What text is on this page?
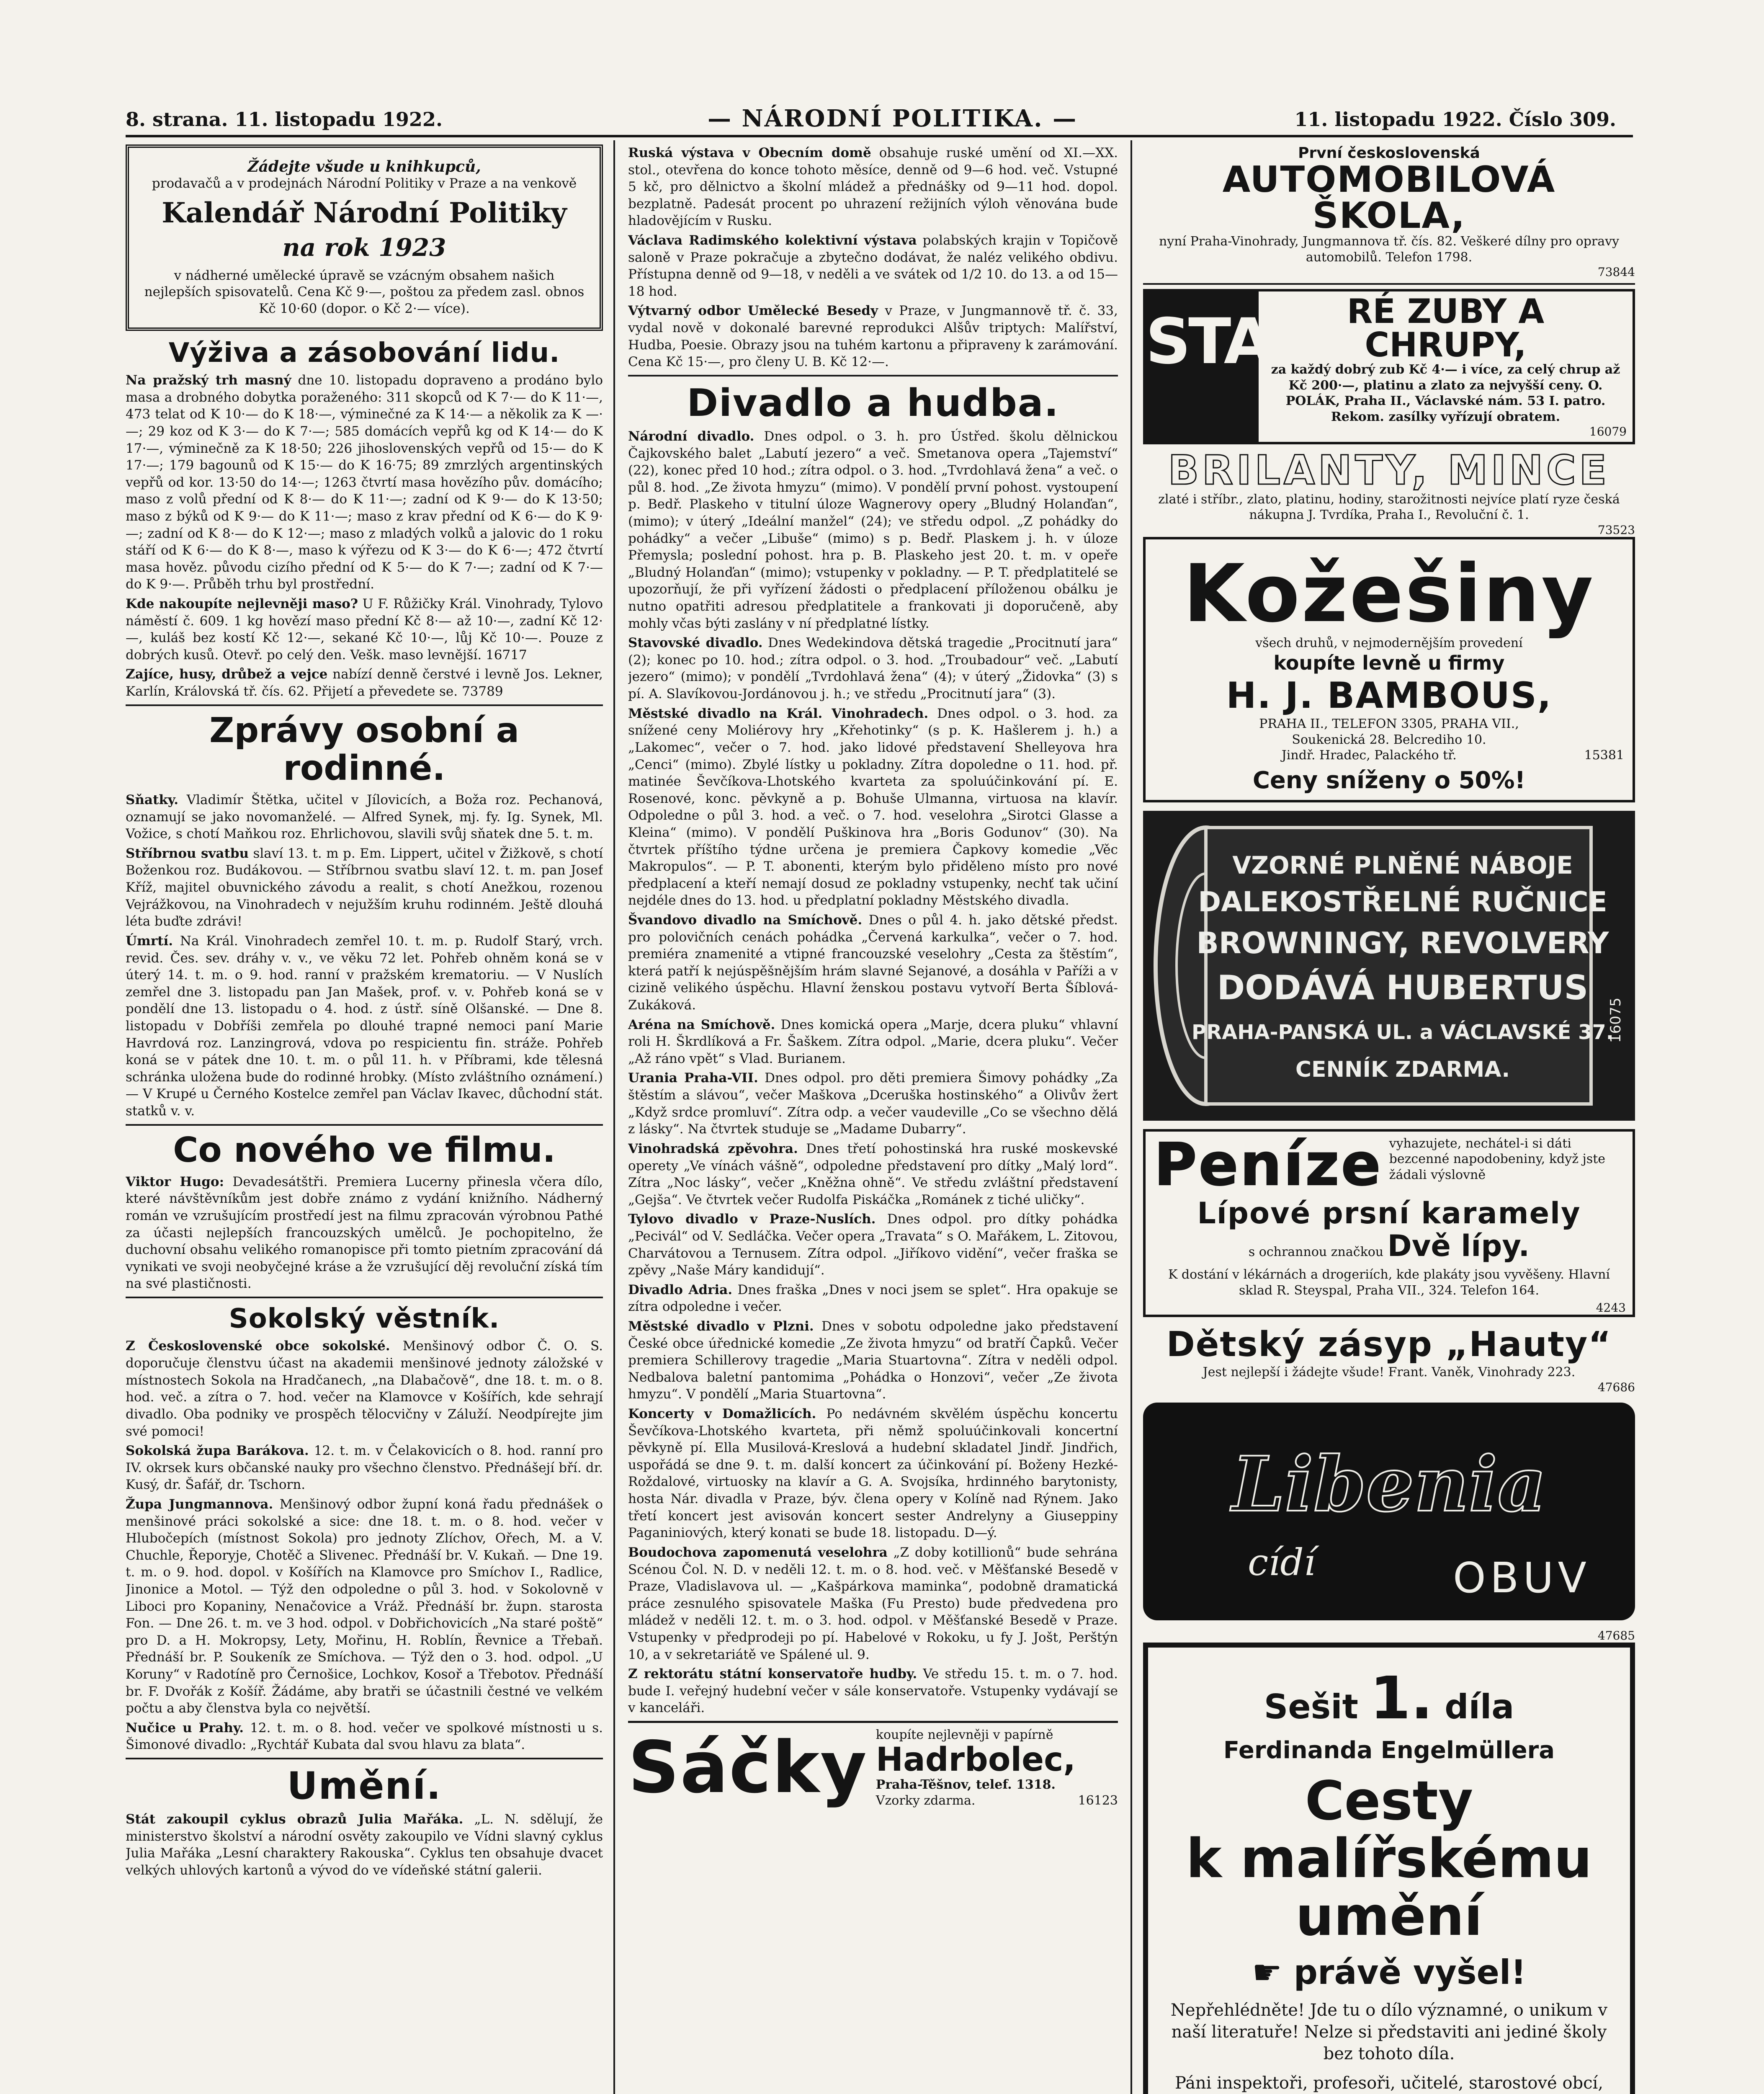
8. strana. 11. listopadu 1922.	— NÁRODNÍ POLITIKA. —	11. listopadu 1922. Číslo 309.
Žádejte všude u knihkupců,
prodavačů a v prodejnách Národní Politiky v Praze a na venkově
Kalendář Národní Politiky
na rok 1923
v nádherné umělecké úpravě se vzácným obsahem našich nejlepších spisovatelů. Cena Kč 9·—, poštou za předem zasl. obnos Kč 10·60 (dopor. o Kč 2·— více).
Výživa a zásobování lidu.

Na pražský trh masný dne 10. listopadu dopraveno a prodáno bylo masa a drobného dobytka poraženého: 311 skopců od K 7·— do K 11·—, 473 telat od K 10·— do K 18·—, výminečné za K 14·— a několik za K —·—; 29 koz od K 3·— do K 7·—; 585 domácích vepřů kg od K 14·— do K 17·—, výminečně za K 18·50; 226 jihoslovenských vepřů od 15·— do K 17·—; 179 bagounů od K 15·— do K 16·75; 89 zmrzlých argentinských vepřů od kor. 13·50 do 14·—; 1263 čtvrtí masa hovězího pův. domácího; maso z volů přední od K 8·— do K 11·—; zadní od K 9·— do K 13·50; maso z býků od K 9·— do K 11·—; maso z krav přední od K 6·— do K 9·—; zadní od K 8·— do K 12·—; maso z mladých volků a jalovic do 1 roku stáří od K 6·— do K 8·—, maso k výřezu od K 3·— do K 6·—; 472 čtvrtí masa hověz. původu cizího přední od K 5·— do K 7·—; zadní od K 7·— do K 9·—. Průběh trhu byl prostřední.

Kde nakoupíte nejlevněji maso? U F. Růžičky Král. Vinohrady, Tylovo náměstí č. 609. 1 kg hovězí maso přední Kč 8·— až 10·—, zadní Kč 12·—, kuláš bez kostí Kč 12·—, sekané Kč 10·—, lůj Kč 10·—. Pouze z dobrých kusů. Otevř. po celý den. Vešk. maso levnější. 16717

Zajíce, husy, drůbež a vejce nabízí denně čerstvé i levně Jos. Lekner, Karlín, Královská tř. čís. 62. Přijetí a převedete se. 73789

Zprávy osobní a rodinné.

Sňatky. Vladimír Štětka, učitel v Jílovicích, a Boža roz. Pechanová, oznamují se jako novomanželé. — Alfred Synek, mj. fy. Ig. Synek, Ml. Vožice, s chotí Maňkou roz. Ehrlichovou, slavili svůj sňatek dne 5. t. m.

Stříbrnou svatbu slaví 13. t. m p. Em. Lippert, učitel v Žižkově, s chotí Boženkou roz. Budákovou. — Stříbrnou svatbu slaví 12. t. m. pan Josef Kříž, majitel obuvnického závodu a realit, s chotí Anežkou, rozenou Vejrážkovou, na Vinohradech v nejužším kruhu rodinném. Ještě dlouhá léta buďte zdrávi!

Úmrtí. Na Král. Vinohradech zemřel 10. t. m. p. Rudolf Starý, vrch. revid. Čes. sev. dráhy v. v., ve věku 72 let. Pohřeb ohněm koná se v úterý 14. t. m. o 9. hod. ranní v pražském krematoriu. — V Nuslích zemřel dne 3. listopadu pan Jan Mašek, prof. v. v. Pohřeb koná se v pondělí dne 13. listopadu o 4. hod. z ústř. síně Olšanské. — Dne 8. listopadu v Dobříši zemřela po dlouhé trapné nemoci paní Marie Havrdová roz. Lanzingrová, vdova po respicientu fin. stráže. Pohřeb koná se v pátek dne 10. t. m. o půl 11. h. v Příbrami, kde tělesná schránka uložena bude do rodinné hrobky. (Místo zvláštního oznámení.) — V Krupé u Černého Kostelce zemřel pan Václav Ikavec, důchodní stát. statků v. v.

Co nového ve filmu.

Viktor Hugo: Devadesátštři. Premiera Lucerny přinesla včera dílo, které návštěvníkům jest dobře známo z vydání knižního. Nádherný román ve vzrušujícím prostředí jest na filmu zpracován výrobnou Pathé za účasti nejlepších francouzských umělců. Je pochopitelno, že duchovní obsahu velikého romanopisce při tomto pietním zpracování dá vynikati ve svoji neobyčejné kráse a že vzrušující děj revoluční získá tím na své plastičnosti.

Sokolský věstník.

Z Československé obce sokolské. Menšinový odbor Č. O. S. doporučuje členstvu účast na akademii menšinové jednoty záložské v místnostech Sokola na Hradčanech, „na Dlabačově“, dne 18. t. m. o 8. hod. več. a zítra o 7. hod. večer na Klamovce v Košířích, kde sehrají divadlo. Oba podniky ve prospěch tělocvičny v Záluží. Neodpírejte jim své pomoci!

Sokolská župa Barákova. 12. t. m. v Čelakovicích o 8. hod. ranní pro IV. okrsek kurs občanské nauky pro všechno členstvo. Přednášejí bří. dr. Kusý, dr. Šafář, dr. Tschorn.

Župa Jungmannova. Menšinový odbor župní koná řadu přednášek o menšinové práci sokolské a sice: dne 18. t. m. o 8. hod. večer v Hlubočepích (místnost Sokola) pro jednoty Zlíchov, Ořech, M. a V. Chuchle, Řeporyje, Chotěč a Slivenec. Přednáší br. V. Kukaň. — Dne 19. t. m. o 9. hod. dopol. v Košířích na Klamovce pro Smíchov I., Radlice, Jinonice a Motol. — Týž den odpoledne o půl 3. hod. v Sokolovně v Liboci pro Kopaniny, Nenačovice a Vráž. Přednáší br. župn. starosta Fon. — Dne 26. t. m. ve 3 hod. odpol. v Dobřichovicích „Na staré poště“ pro D. a H. Mokropsy, Lety, Mořinu, H. Roblín, Řevnice a Třebaň. Přednáší br. P. Soukeník ze Smíchova. — Týž den o 3. hod. odpol. „U Koruny“ v Radotíně pro Černošice, Lochkov, Kosoř a Třebotov. Přednáší br. F. Dvořák z Košíř. Žádáme, aby bratři se účastnili čestné ve velkém počtu a aby členstva byla co největší.

Nučice u Prahy. 12. t. m. o 8. hod. večer ve spolkové místnosti u s. Šimonové divadlo: „Rychtář Kubata dal svou hlavu za blata“.

Umění.

Stát zakoupil cyklus obrazů Julia Mařáka. „L. N. sdělují, že ministerstvo školství a národní osvěty zakoupilo ve Vídni slavný cyklus Julia Mařáka „Lesní charaktery Rakouska“. Cyklus ten obsahuje dvacet velkých uhlových kartonů a vývod do ve vídeňské státní galerii.

Ruská výstava v Obecním domě obsahuje ruské umění od XI.—XX. stol., otevřena do konce tohoto měsíce, denně od 9—6 hod. več. Vstupné 5 kč, pro dělnictvo a školní mládež a přednášky od 9—11 hod. dopol. bezplatně. Padesát procent po uhrazení režijních výloh věnována bude hladovějícím v Rusku.

Václava Radimského kolektivní výstava polabských krajin v Topičově saloně v Praze pokračuje a zbytečno dodávat, že naléz velikého obdivu. Přístupna denně od 9—18, v neděli a ve svátek od 1/2 10. do 13. a od 15—18 hod.

Výtvarný odbor Umělecké Besedy v Praze, v Jungmannově tř. č. 33, vydal nově v dokonalé barevné reprodukci Alšův triptych: Malířství, Hudba, Poesie. Obrazy jsou na tuhém kartonu a připraveny k zarámování. Cena Kč 15·—, pro členy U. B. Kč 12·—.

Divadlo a hudba.

Národní divadlo. Dnes odpol. o 3. h. pro Ústřed. školu dělnickou Čajkovského balet „Labutí jezero“ a več. Smetanova opera „Tajemství“ (22), konec před 10 hod.; zítra odpol. o 3. hod. „Tvrdohlavá žena“ a več. o půl 8. hod. „Ze života hmyzu“ (mimo). V pondělí první pohost. vystoupení p. Bedř. Plaskeho v titulní úloze Wagnerovy opery „Bludný Holanďan“, (mimo); v úterý „Ideální manžel“ (24); ve středu odpol. „Z pohádky do pohádky“ a večer „Libuše“ (mimo) s p. Bedř. Plaskem j. h. v úloze Přemysla; poslední pohost. hra p. B. Plaskeho jest 20. t. m. v opeře „Bludný Holanďan“ (mimo); vstupenky v pokladny. — P. T. předplatitelé se upozorňují, že při vyřízení žádosti o předplacení příloženou obálku je nutno opatřiti adresou předplatitele a frankovati ji doporučeně, aby mohly včas býti zaslány v ní předplatné lístky.

Stavovské divadlo. Dnes Wedekindova dětská tragedie „Procitnutí jara“ (2); konec po 10. hod.; zítra odpol. o 3. hod. „Troubadour“ več. „Labutí jezero“ (mimo); v pondělí „Tvrdohlavá žena“ (4); v úterý „Židovka“ (3) s pí. A. Slavíkovou-Jordánovou j. h.; ve středu „Procitnutí jara“ (3).

Městské divadlo na Král. Vinohradech. Dnes odpol. o 3. hod. za snížené ceny Moliérovy hry „Křehotinky“ (s p. K. Hašlerem j. h.) a „Lakomec“, večer o 7. hod. jako lidové představení Shelleyova hra „Cenci“ (mimo). Zbylé lístky u pokladny. Zítra dopoledne o 11. hod. př. matinée Ševčíkova-Lhotského kvarteta za spoluúčinkování pí. E. Rosenové, konc. pěvkyně a p. Bohuše Ulmanna, virtuosa na klavír. Odpoledne o půl 3. hod. a več. o 7. hod. veselohra „Sirotci Glasse a Kleina“ (mimo). V pondělí Puškinova hra „Boris Godunov“ (30). Na čtvrtek příštího týdne určena je premiera Čapkovy komedie „Věc Makropulos“. — P. T. abonenti, kterým bylo přiděleno místo pro nové předplacení a kteří nemají dosud ze pokladny vstupenky, nechť tak učiní nejdéle dnes do 13. hod. u předplatní pokladny Městského divadla.

Švandovo divadlo na Smíchově. Dnes o půl 4. h. jako dětské předst. pro polovičních cenách pohádka „Červená karkulka“, večer o 7. hod. premiéra znamenité a vtipné francouzské veselohry „Cesta za štěstím“, která patří k nejúspěšnějším hrám slavné Sejanové, a dosáhla v Paříži a v cizině velikého úspěchu. Hlavní ženskou postavu vytvoří Berta Šíblová-Zukáková.

Aréna na Smíchově. Dnes komická opera „Marje, dcera pluku“ vhlavní roli H. Škrdlíková a Fr. Šaškem. Zítra odpol. „Marie, dcera pluku“. Večer „Až ráno vpět“ s Vlad. Burianem.

Urania Praha-VII. Dnes odpol. pro děti premiera Šimovy pohádky „Za štěstím a slávou“, večer Maškova „Dceruška hostinského“ a Olivův žert „Když srdce promluví“. Zítra odp. a večer vaudeville „Co se všechno dělá z lásky“. Na čtvrtek studuje se „Madame Dubarry“.

Vinohradská zpěvohra. Dnes třetí pohostinská hra ruské moskevské operety „Ve vínách vášně“, odpoledne představení pro dítky „Malý lord“. Zítra „Noc lásky“, večer „Kněžna ohně“. Ve středu zvláštní představení „Gejša“. Ve čtvrtek večer Rudolfa Piskáčka „Románek z tiché uličky“.

Tylovo divadlo v Praze-Nuslích. Dnes odpol. pro dítky pohádka „Pecivál“ od V. Sedláčka. Večer opera „Travata“ s O. Mařákem, L. Zitovou, Charvátovou a Ternusem. Zítra odpol. „Jiříkovo vidění“, večer fraška se zpěvy „Naše Máry kandidují“.

Divadlo Adria. Dnes fraška „Dnes v noci jsem se splet“. Hra opakuje se zítra odpoledne i večer.

Městské divadlo v Plzni. Dnes v sobotu odpoledne jako představení České obce úřednické komedie „Ze života hmyzu“ od bratří Čapků. Večer premiera Schillerovy tragedie „Maria Stuartovna“. Zítra v neděli odpol. Nedbalova baletní pantomima „Pohádka o Honzovi“, večer „Ze života hmyzu“. V pondělí „Maria Stuartovna“.

Koncerty v Domažlicích. Po nedávném skvělém úspěchu koncertu Ševčíkova-Lhotského kvarteta, při němž spoluúčinkovali koncertní pěvkyně pí. Ella Musilová-Kreslová a hudební skladatel Jindř. Jindřich, uspořádá se dne 9. t. m. další koncert za účinkování pí. Boženy Hezké-Roždalové, virtuosky na klavír a G. A. Svojsíka, hrdinného barytonisty, hosta Nár. divadla v Praze, býv. člena opery v Kolíně nad Rýnem. Jako třetí koncert jest avisován koncert sester Andrelyny a Giuseppiny Paganiniových, který konati se bude 18. listopadu. D—ý.

Boudochova zapomenutá veselohra „Z doby kotillionů“ bude sehrána Scénou Čol. N. D. v neděli 12. t. m. o 8. hod. več. v Měšťanské Besedě v Praze, Vladislavova ul. — „Kašpárkova maminka“, podobně dramatická práce zesnulého spisovatele Maška (Fu Presto) bude předvedena pro mládež v neděli 12. t. m. o 3. hod. odpol. v Měšťanské Besedě v Praze. Vstupenky v předprodeji po pí. Habelové v Rokoku, u fy J. Jošt, Perštýn 10, a v sekretariátě ve Spálené ul. 9.

Z rektorátu státní konservatoře hudby. Ve středu 15. t. m. o 7. hod. bude I. veřejný hudební večer v sále konservatoře. Vstupenky vydávají se v kanceláři.

Sáčky koupíte nejlevněji v papírně
Hadrbolec,
Praha-Těšnov, telef. 1318.
Vzorky zdarma.	16123
První československá
AUTOMOBILOVÁ ŠKOLA,
nyní Praha-Vinohrady, Jungmannova tř. čís. 82. Veškeré dílny pro opravy automobilů. Telefon 1798.
73844
STA	RÉ ZUBY A CHRUPY,
za každý dobrý zub Kč 4·— i více, za celý chrup až Kč 200·—, platinu a zlato za nejvyšší ceny. O. POLÁK, Praha II., Václavské nám. 53 I. patro. Rekom. zasílky vyřízují obratem.
16079
BRILANTY, MINCE
zlaté i stříbr., zlato, platinu, hodiny, starožitnosti nejvíce platí ryze česká nákupna J. Tvrdíka, Praha I., Revoluční č. 1.
73523
Kožešiny
všech druhů, v nejmodernějším provedení
koupíte levně u firmy
H. J. BAMBOUS,
PRAHA II., TELEFON 3305, PRAHA VII.,
Soukenická 28. Belcrediho 10.
Jindř. Hradec, Palackého tř.	15381
Ceny sníženy o 50%!
VZORNÉ PLNĚNÉ NÁBOJE
DALEKOSTŘELNÉ RUČNICE
BROWNINGY, REVOLVERY
DODÁVÁ HUBERTUS
PRAHA-PANSKÁ UL. a VÁCLAVSKÉ 37.
CENNÍK ZDARMA.
16075
Peníze vyhazujete, nechátel-i si dáti bezcenné napodobeniny, když jste žádali výslovně
Lípové prsní karamely
s ochrannou značkou Dvě lípy.
K dostání v lékárnách a drogeriích, kde plakáty jsou vyvěšeny. Hlavní sklad R. Steyspal, Praha VII., 324. Telefon 164.
4243
Dětský zásyp „Hauty“
Jest nejlepší i žádejte všude! Frant. Vaněk, Vinohrady 223.
47686
Libenia
cídí	OBUV
47685
Sešit 1. díla
Ferdinanda Engelmüllera
Cesty
k malířskému
umění
☛ právě vyšel!
Nepřehlédněte! Jde tu o dílo významné, o unikum v naší literatuře! Nelze si představiti ani jediné školy bez tohoto díla.
Páni inspektoři, profesoři, učitelé, starostové obcí,
